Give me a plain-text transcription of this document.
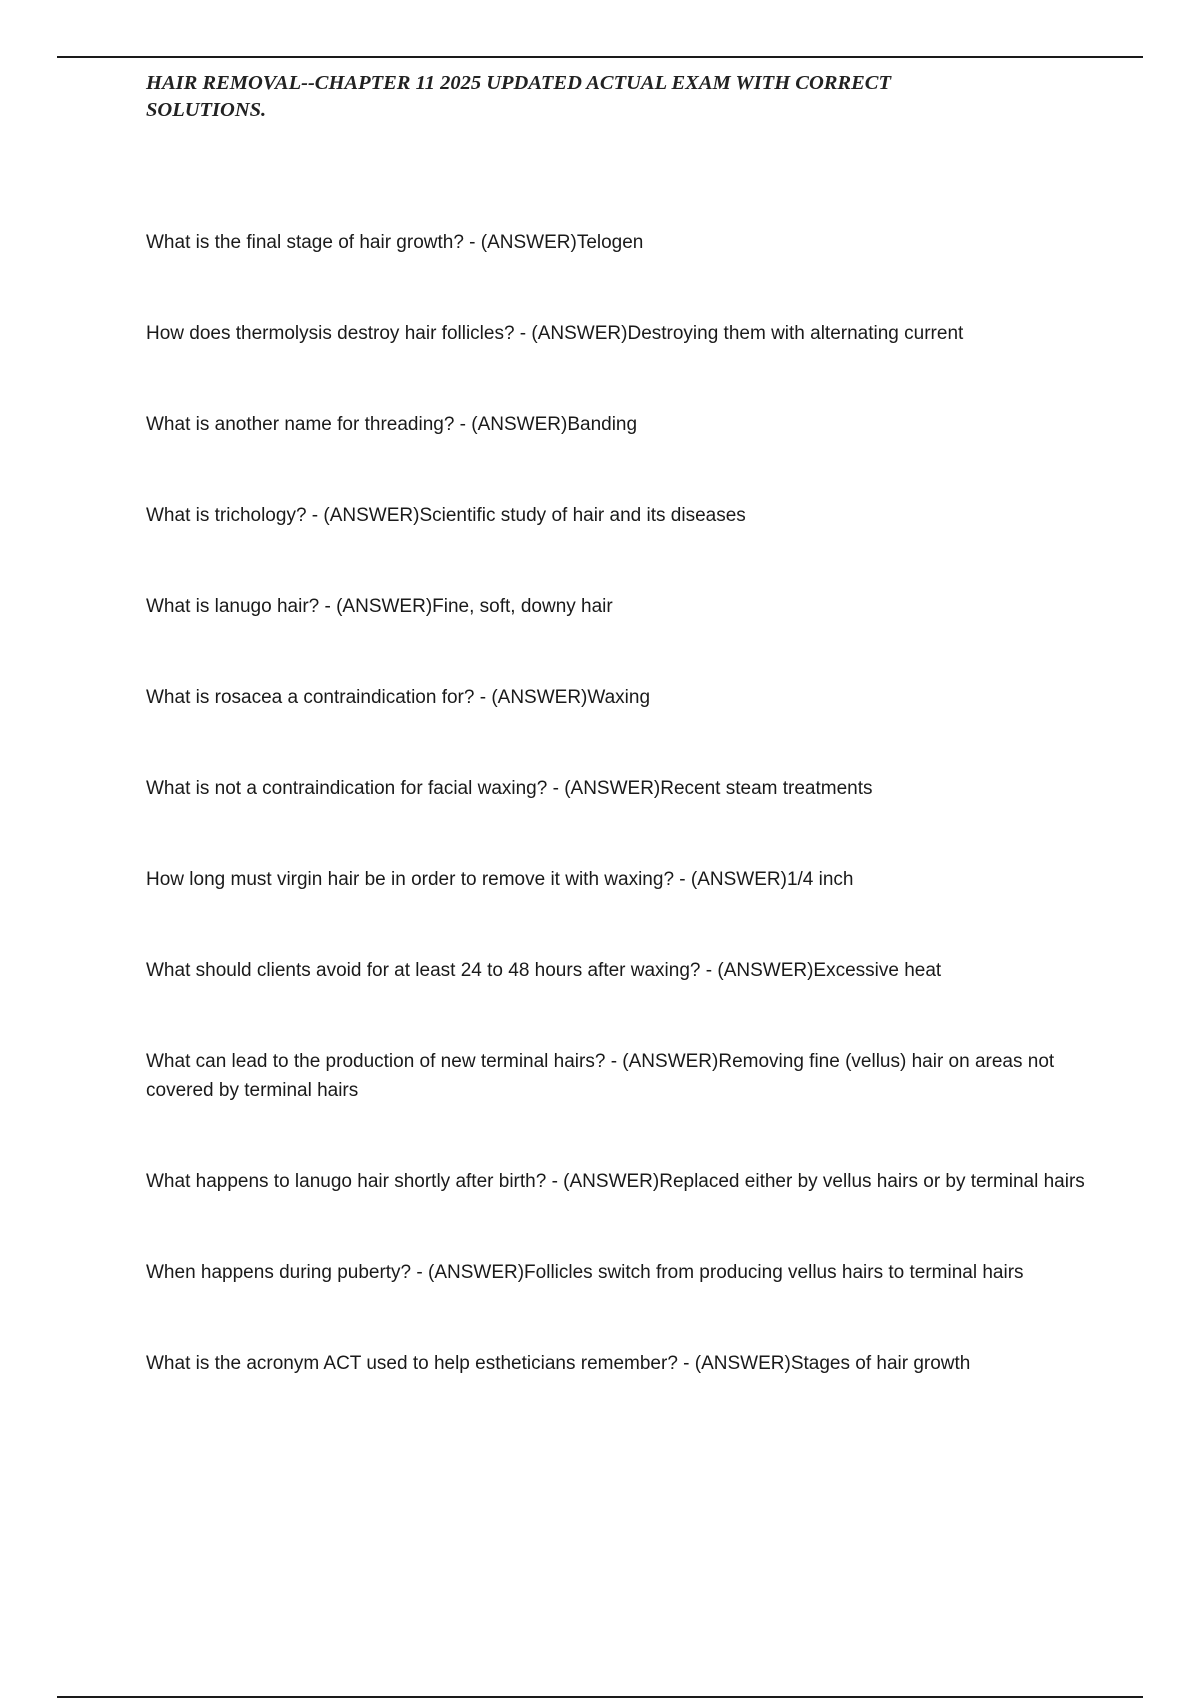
HAIR REMOVAL--CHAPTER 11 2025 UPDATED ACTUAL EXAM WITH CORRECT SOLUTIONS.
What is the final stage of hair growth? - (ANSWER)Telogen
How does thermolysis destroy hair follicles? - (ANSWER)Destroying them with alternating current
What is another name for threading? - (ANSWER)Banding
What is trichology? - (ANSWER)Scientific study of hair and its diseases
What is lanugo hair? - (ANSWER)Fine, soft, downy hair
What is rosacea a contraindication for? - (ANSWER)Waxing
What is not a contraindication for facial waxing? - (ANSWER)Recent steam treatments
How long must virgin hair be in order to remove it with waxing? - (ANSWER)1/4 inch
What should clients avoid for at least 24 to 48 hours after waxing? - (ANSWER)Excessive heat
What can lead to the production of new terminal hairs? - (ANSWER)Removing fine (vellus) hair on areas not covered by terminal hairs
What happens to lanugo hair shortly after birth? - (ANSWER)Replaced either by vellus hairs or by terminal hairs
When happens during puberty? - (ANSWER)Follicles switch from producing vellus hairs to terminal hairs
What is the acronym ACT used to help estheticians remember? - (ANSWER)Stages of hair growth
